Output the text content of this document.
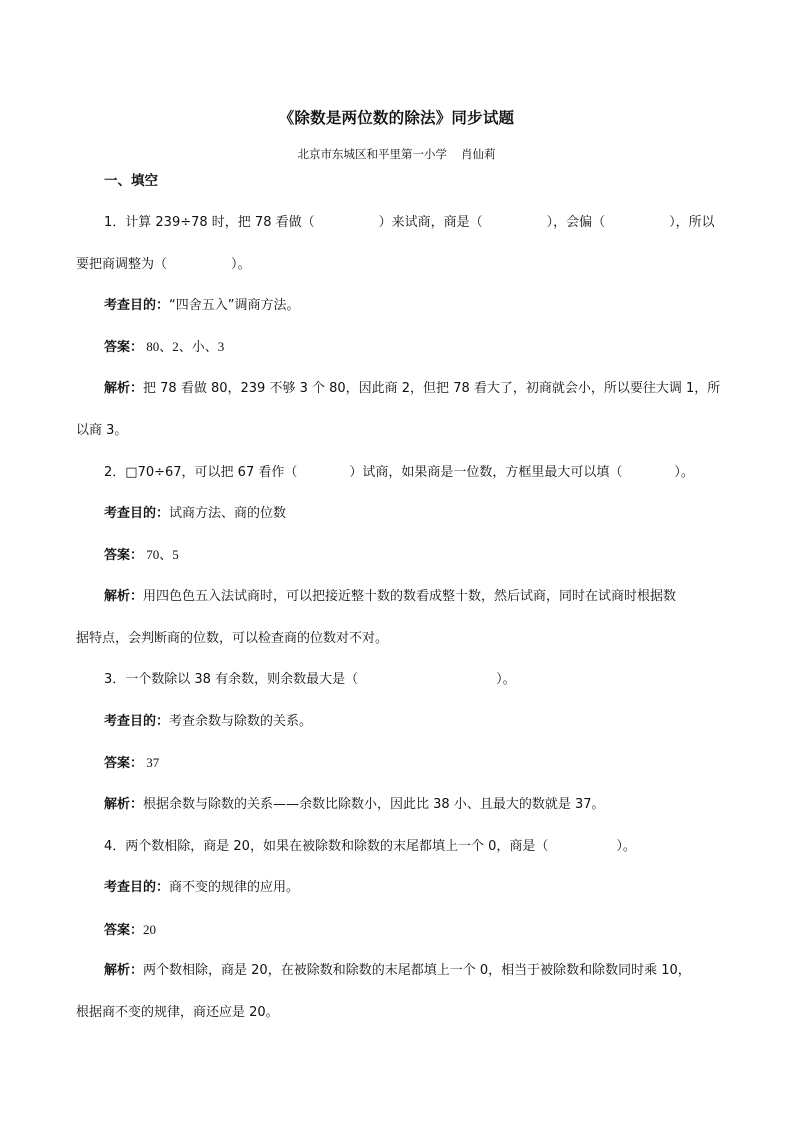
《除数是两位数的除法》同步试题
北京市东城区和平里第一小学 肖仙莉
一、填空
1．计算 239÷78 时，把 78 看做（	）来试商，商是（	），会偏（	），所以
要把商调整为（	）。
考查目的：“四舍五入”调商方法。
答案： 80、2、小、3
解析：把 78 看做 80，239 不够 3 个 80，因此商 2，但把 78 看大了，初商就会小，所以要往大调 1，所
以商 3。
2．□70÷67，可以把 67 看作（	）试商，如果商是一位数，方框里最大可以填（	）。
考查目的：试商方法、商的位数
答案： 70、5
解析：用四色色五入法试商时，可以把接近整十数的数看成整十数，然后试商，同时在试商时根据数
据特点，会判断商的位数，可以检查商的位数对不对。
3．一个数除以 38 有余数，则余数最大是（	）。
考查目的：考查余数与除数的关系。
答案： 37
解析：根据余数与除数的关系——余数比除数小，因此比 38 小、且最大的数就是 37。
4．两个数相除，商是 20，如果在被除数和除数的末尾都填上一个 0，商是（	）。
考查目的：商不变的规律的应用。
答案：20
解析：两个数相除，商是 20，在被除数和除数的末尾都填上一个 0，相当于被除数和除数同时乘 10，
根据商不变的规律，商还应是 20。
